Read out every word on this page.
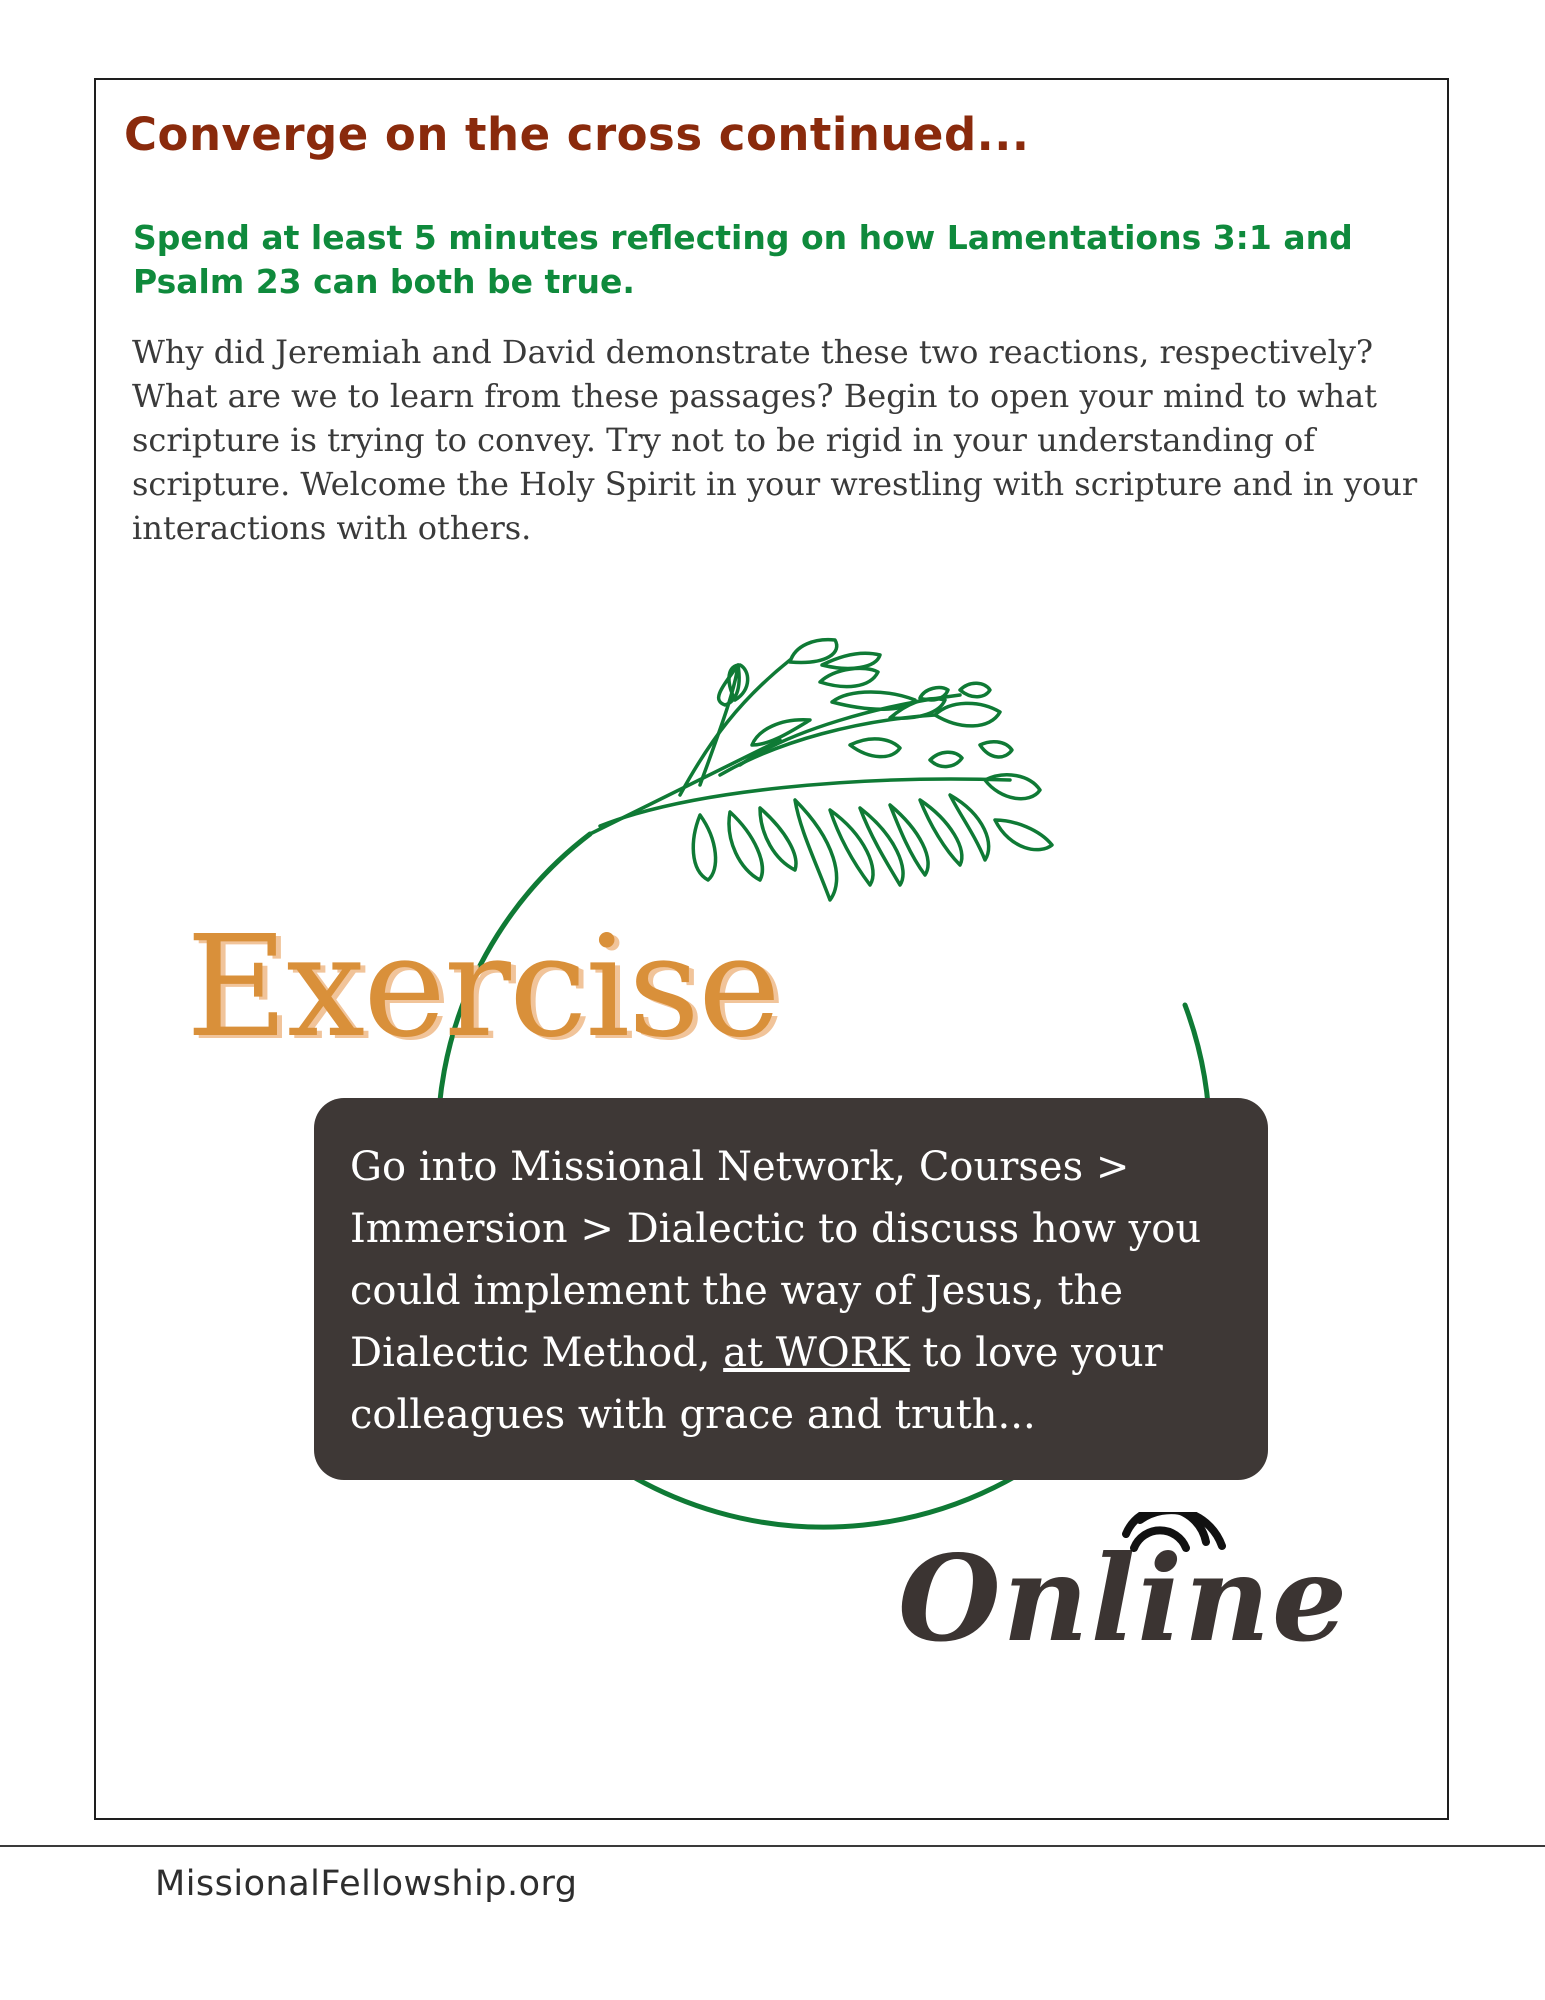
Converge on the cross continued...

Spend at least 5 minutes reflecting on how Lamentations 3:1 and Psalm 23 can both be true.

Why did Jeremiah and David demonstrate these two reactions, respectively? What are we to learn from these passages? Begin to open your mind to what scripture is trying to convey. Try not to be rigid in your understanding of scripture. Welcome the Holy Spirit in your wrestling with scripture and in your interactions with others.

Exercise

Go into Missional Network, Courses > Immersion > Dialectic to discuss how you could implement the way of Jesus, the Dialectic Method, at WORK to love your colleagues with grace and truth...

Online
MissionalFellowship.org
